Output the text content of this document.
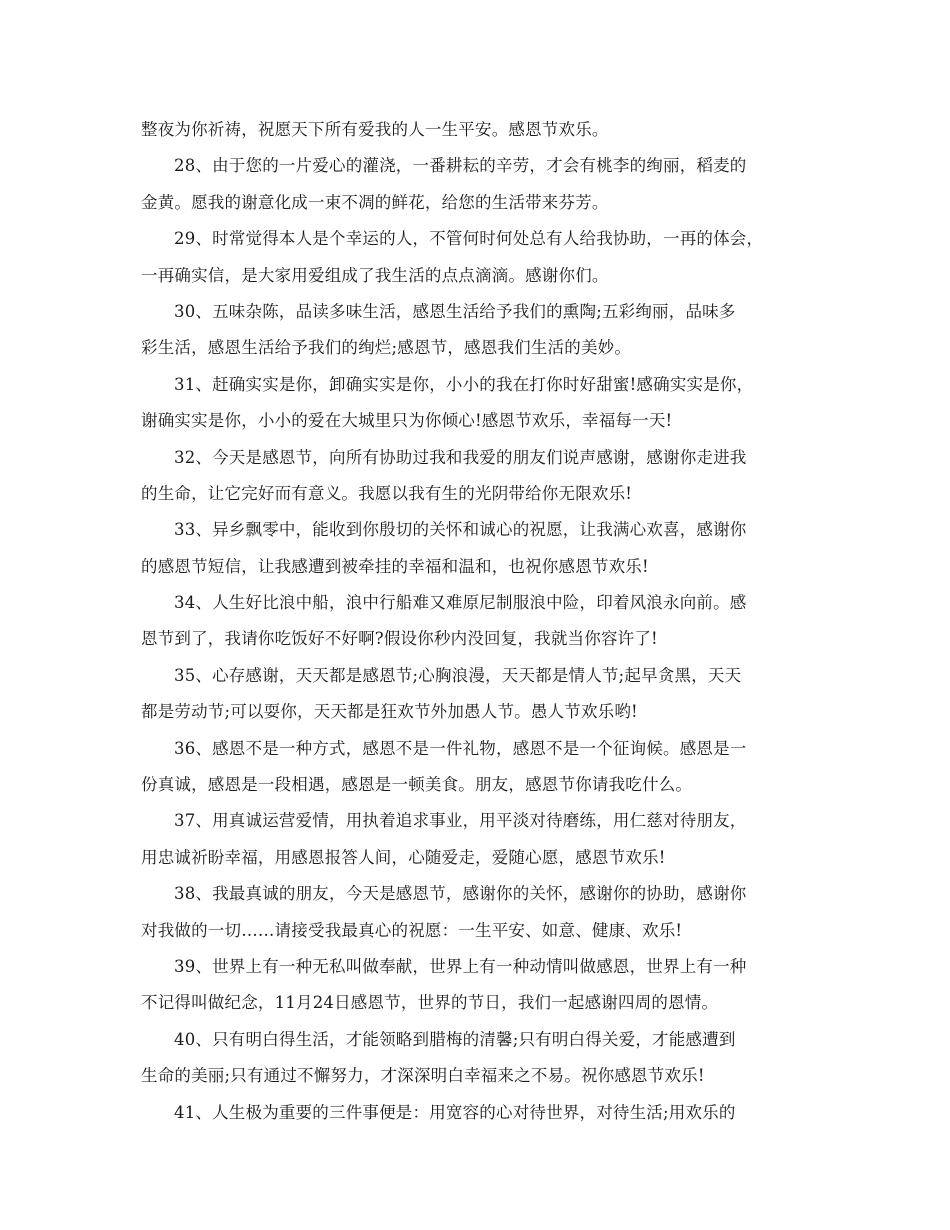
整夜为你祈祷，祝愿天下所有爱我的人一生平安。感恩节欢乐。
28、由于您的一片爱心的灌浇，一番耕耘的辛劳，才会有桃李的绚丽，稻麦的
金黄。愿我的谢意化成一束不凋的鲜花，给您的生活带来芬芳。
29、时常觉得本人是个幸运的人，不管何时何处总有人给我协助，一再的体会，
一再确实信，是大家用爱组成了我生活的点点滴滴。感谢你们。
30、五味杂陈，品读多味生活，感恩生活给予我们的熏陶;五彩绚丽，品味多
彩生活，感恩生活给予我们的绚烂;感恩节，感恩我们生活的美妙。
31、赶确实实是你，卸确实实是你，小小的我在打你时好甜蜜!感确实实是你，
谢确实实是你，小小的爱在大城里只为你倾心!感恩节欢乐，幸福每一天!
32、今天是感恩节，向所有协助过我和我爱的朋友们说声感谢，感谢你走进我
的生命，让它完好而有意义。我愿以我有生的光阴带给你无限欢乐!
33、异乡飘零中，能收到你殷切的关怀和诚心的祝愿，让我满心欢喜，感谢你
的感恩节短信，让我感遭到被牵挂的幸福和温和，也祝你感恩节欢乐!
34、人生好比浪中船，浪中行船难又难原尼制服浪中险，印着风浪永向前。感
恩节到了，我请你吃饭好不好啊?假设你秒内没回复，我就当你容许了!
35、心存感谢，天天都是感恩节;心胸浪漫，天天都是情人节;起早贪黑，天天
都是劳动节;可以耍你，天天都是狂欢节外加愚人节。愚人节欢乐哟!
36、感恩不是一种方式，感恩不是一件礼物，感恩不是一个征询候。感恩是一
份真诚，感恩是一段相遇，感恩是一顿美食。朋友，感恩节你请我吃什么。
37、用真诚运营爱情，用执着追求事业，用平淡对待磨练，用仁慈对待朋友，
用忠诚祈盼幸福，用感恩报答人间，心随爱走，爱随心愿，感恩节欢乐!
38、我最真诚的朋友，今天是感恩节，感谢你的关怀，感谢你的协助，感谢你
对我做的一切……请接受我最真心的祝愿：一生平安、如意、健康、欢乐!
39、世界上有一种无私叫做奉献，世界上有一种动情叫做感恩，世界上有一种
不记得叫做纪念，11月24日感恩节，世界的节日，我们一起感谢四周的恩情。
40、只有明白得生活，才能领略到腊梅的清馨;只有明白得关爱，才能感遭到
生命的美丽;只有通过不懈努力，才深深明白幸福来之不易。祝你感恩节欢乐!
41、人生极为重要的三件事便是：用宽容的心对待世界，对待生活;用欢乐的
